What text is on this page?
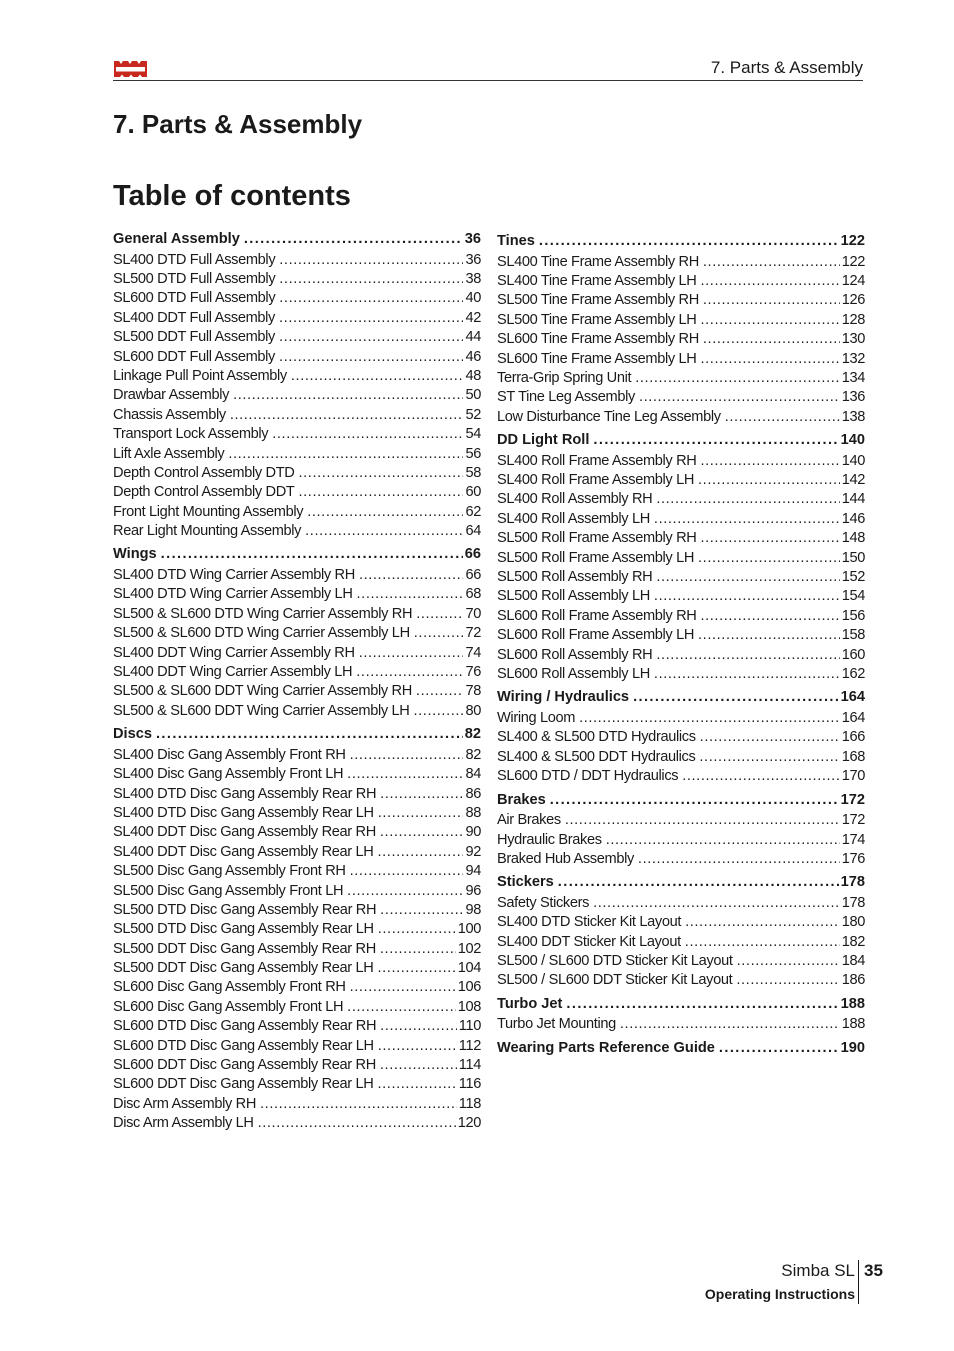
7. Parts & Assembly
7. Parts & Assembly
Table of contents
General Assembly .....	36
SL400 DTD Full Assembly .....	36
SL500 DTD Full Assembly .....	38
SL600 DTD Full Assembly .....	40
SL400 DDT Full Assembly .....	42
SL500 DDT Full Assembly .....	44
SL600 DDT Full Assembly .....	46
Linkage Pull Point Assembly .....	48
Drawbar Assembly .....	50
Chassis Assembly .....	52
Transport Lock Assembly .....	54
Lift Axle Assembly .....	56
Depth Control Assembly DTD .....	58
Depth Control Assembly DDT .....	60
Front Light Mounting Assembly .....	62
Rear Light Mounting Assembly .....	64
Wings .....	66
SL400 DTD Wing Carrier Assembly RH .....	66
SL400 DTD Wing Carrier Assembly LH .....	68
SL500 & SL600 DTD Wing Carrier Assembly RH .....	70
SL500 & SL600 DTD Wing Carrier Assembly LH .....	72
SL400 DDT Wing Carrier Assembly RH .....	74
SL400 DDT Wing Carrier Assembly LH .....	76
SL500 & SL600 DDT Wing Carrier Assembly RH .....	78
SL500 & SL600 DDT Wing Carrier Assembly LH .....	80
Discs .....	82
SL400 Disc Gang Assembly Front RH .....	82
SL400 Disc Gang Assembly Front LH .....	84
SL400 DTD Disc Gang Assembly Rear RH .....	86
SL400 DTD Disc Gang Assembly Rear LH .....	88
SL400 DDT Disc Gang Assembly Rear RH .....	90
SL400 DDT Disc Gang Assembly Rear LH .....	92
SL500 Disc Gang Assembly Front RH .....	94
SL500 Disc Gang Assembly Front LH .....	96
SL500 DTD Disc Gang Assembly Rear RH .....	98
SL500 DTD Disc Gang Assembly Rear LH .....	100
SL500 DDT Disc Gang Assembly Rear RH .....	102
SL500 DDT Disc Gang Assembly Rear LH .....	104
SL600 Disc Gang Assembly Front RH .....	106
SL600 Disc Gang Assembly Front LH .....	108
SL600 DTD Disc Gang Assembly Rear RH .....	110
SL600 DTD Disc Gang Assembly Rear LH .....	112
SL600 DDT Disc Gang Assembly Rear RH .....	114
SL600 DDT Disc Gang Assembly Rear LH .....	116
Disc Arm Assembly RH .....	118
Disc Arm Assembly LH .....	120
Tines .....	122
SL400 Tine Frame Assembly RH .....	122
SL400 Tine Frame Assembly LH .....	124
SL500 Tine Frame Assembly RH .....	126
SL500 Tine Frame Assembly LH .....	128
SL600 Tine Frame Assembly RH .....	130
SL600 Tine Frame Assembly LH .....	132
Terra-Grip Spring Unit .....	134
ST Tine Leg Assembly .....	136
Low Disturbance Tine Leg Assembly .....	138
DD Light Roll .....	140
SL400 Roll Frame Assembly RH .....	140
SL400 Roll Frame Assembly LH .....	142
SL400 Roll Assembly RH .....	144
SL400 Roll Assembly LH .....	146
SL500 Roll Frame Assembly RH .....	148
SL500 Roll Frame Assembly LH .....	150
SL500 Roll Assembly RH .....	152
SL500 Roll Assembly LH .....	154
SL600 Roll Frame Assembly RH .....	156
SL600 Roll Frame Assembly LH .....	158
SL600 Roll Assembly RH .....	160
SL600 Roll Assembly LH .....	162
Wiring / Hydraulics .....	164
Wiring Loom .....	164
SL400 & SL500 DTD Hydraulics .....	166
SL400 & SL500 DDT Hydraulics .....	168
SL600 DTD / DDT Hydraulics .....	170
Brakes .....	172
Air Brakes .....	172
Hydraulic Brakes .....	174
Braked Hub Assembly .....	176
Stickers .....	178
Safety Stickers .....	178
SL400 DTD Sticker Kit Layout .....	180
SL400 DDT Sticker Kit Layout .....	182
SL500 / SL600 DTD Sticker Kit Layout .....	184
SL500 / SL600 DDT Sticker Kit Layout .....	186
Turbo Jet .....	188
Turbo Jet Mounting .....	188
Wearing Parts Reference Guide .....	190
Simba SL 35
Operating Instructions
